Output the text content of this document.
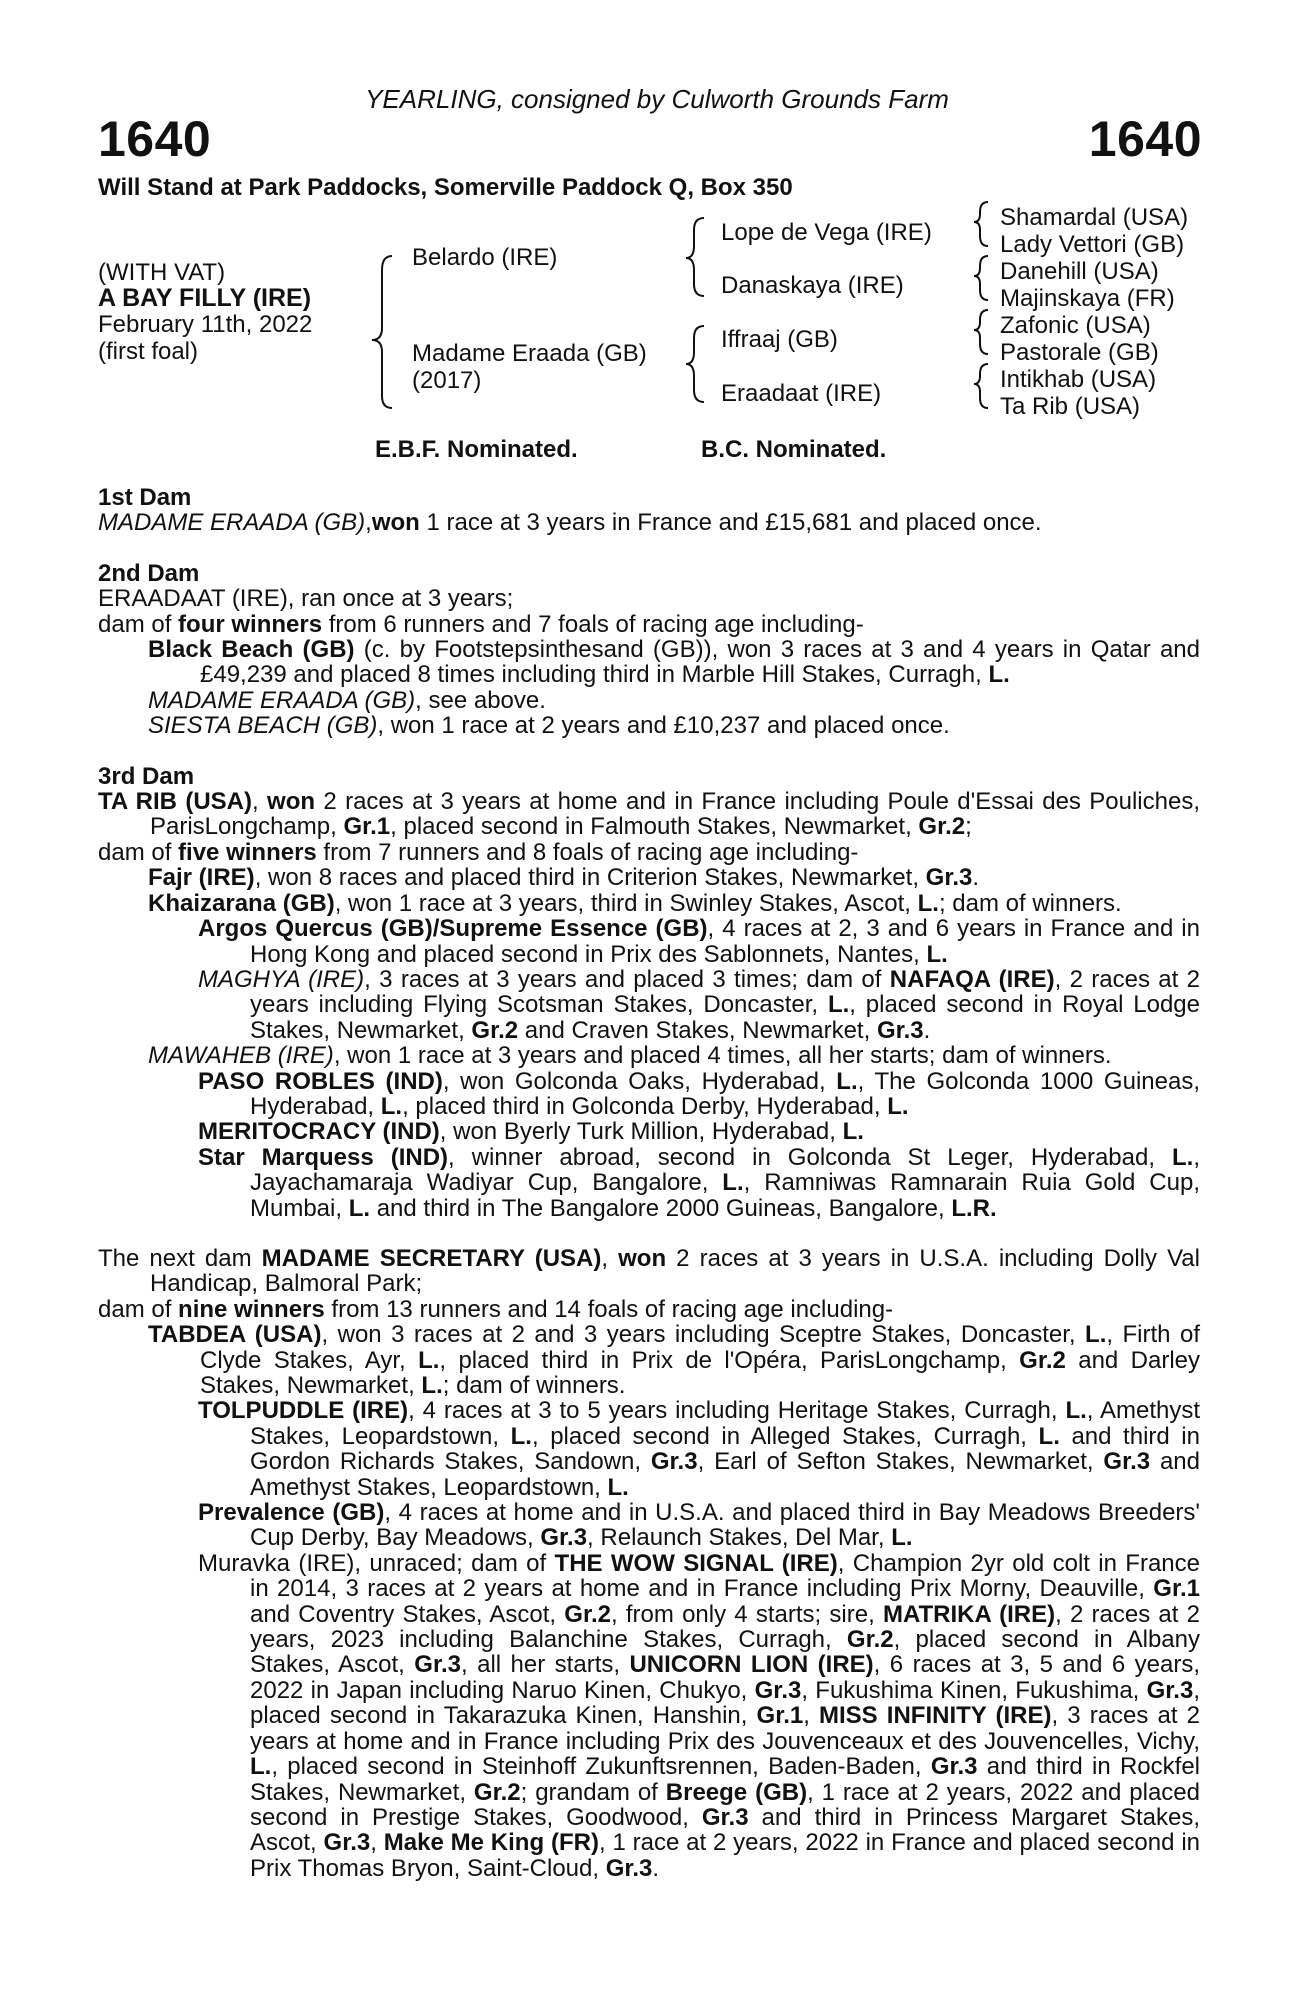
YEARLING, consigned by Culworth Grounds Farm
1640	1640
Will Stand at Park Paddocks, Somerville Paddock Q, Box 350
(WITH VAT)
A BAY FILLY (IRE)
February 11th, 2022
(first foal)
Belardo (IRE)
Madame Eraada (GB)
(2017)
Lope de Vega (IRE)
Danaskaya (IRE)
Iffraaj (GB)
Eraadaat (IRE)
Shamardal (USA)
Lady Vettori (GB)
Danehill (USA)
Majinskaya (FR)
Zafonic (USA)
Pastorale (GB)
Intikhab (USA)
Ta Rib (USA)
E.B.F. Nominated.	B.C. Nominated.
1st Dam
MADAME ERAADA (GB),won 1 race at 3 years in France and £15,681 and placed once.
2nd Dam
ERAADAAT (IRE), ran once at 3 years;
dam of four winners from 6 runners and 7 foals of racing age including-
Black Beach (GB) (c. by Footstepsinthesand (GB)), won 3 races at 3 and 4 years in Qatar and £49,239 and placed 8 times including third in Marble Hill Stakes, Curragh, L.
MADAME ERAADA (GB), see above.
SIESTA BEACH (GB), won 1 race at 2 years and £10,237 and placed once.
3rd Dam
TA RIB (USA), won 2 races at 3 years at home and in France including Poule d'Essai des Pouliches, ParisLongchamp, Gr.1, placed second in Falmouth Stakes, Newmarket, Gr.2;
dam of five winners from 7 runners and 8 foals of racing age including-
Fajr (IRE), won 8 races and placed third in Criterion Stakes, Newmarket, Gr.3.
Khaizarana (GB), won 1 race at 3 years, third in Swinley Stakes, Ascot, L.; dam of winners.
Argos Quercus (GB)/Supreme Essence (GB), 4 races at 2, 3 and 6 years in France and in Hong Kong and placed second in Prix des Sablonnets, Nantes, L.
MAGHYA (IRE), 3 races at 3 years and placed 3 times; dam of NAFAQA (IRE), 2 races at 2 years including Flying Scotsman Stakes, Doncaster, L., placed second in Royal Lodge Stakes, Newmarket, Gr.2 and Craven Stakes, Newmarket, Gr.3.
MAWAHEB (IRE), won 1 race at 3 years and placed 4 times, all her starts; dam of winners.
PASO ROBLES (IND), won Golconda Oaks, Hyderabad, L., The Golconda 1000 Guineas, Hyderabad, L., placed third in Golconda Derby, Hyderabad, L.
MERITOCRACY (IND), won Byerly Turk Million, Hyderabad, L.
Star Marquess (IND), winner abroad, second in Golconda St Leger, Hyderabad, L., Jayachamaraja Wadiyar Cup, Bangalore, L., Ramniwas Ramnarain Ruia Gold Cup, Mumbai, L. and third in The Bangalore 2000 Guineas, Bangalore, L.R.
The next dam MADAME SECRETARY (USA), won 2 races at 3 years in U.S.A. including Dolly Val Handicap, Balmoral Park;
dam of nine winners from 13 runners and 14 foals of racing age including-
TABDEA (USA), won 3 races at 2 and 3 years including Sceptre Stakes, Doncaster, L., Firth of Clyde Stakes, Ayr, L., placed third in Prix de l'Opéra, ParisLongchamp, Gr.2 and Darley Stakes, Newmarket, L.; dam of winners.
TOLPUDDLE (IRE), 4 races at 3 to 5 years including Heritage Stakes, Curragh, L., Amethyst Stakes, Leopardstown, L., placed second in Alleged Stakes, Curragh, L. and third in Gordon Richards Stakes, Sandown, Gr.3, Earl of Sefton Stakes, Newmarket, Gr.3 and Amethyst Stakes, Leopardstown, L.
Prevalence (GB), 4 races at home and in U.S.A. and placed third in Bay Meadows Breeders' Cup Derby, Bay Meadows, Gr.3, Relaunch Stakes, Del Mar, L.
Muravka (IRE), unraced; dam of THE WOW SIGNAL (IRE), Champion 2yr old colt in France in 2014, 3 races at 2 years at home and in France including Prix Morny, Deauville, Gr.1 and Coventry Stakes, Ascot, Gr.2, from only 4 starts; sire, MATRIKA (IRE), 2 races at 2 years, 2023 including Balanchine Stakes, Curragh, Gr.2, placed second in Albany Stakes, Ascot, Gr.3, all her starts, UNICORN LION (IRE), 6 races at 3, 5 and 6 years, 2022 in Japan including Naruo Kinen, Chukyo, Gr.3, Fukushima Kinen, Fukushima, Gr.3, placed second in Takarazuka Kinen, Hanshin, Gr.1, MISS INFINITY (IRE), 3 races at 2 years at home and in France including Prix des Jouvenceaux et des Jouvencelles, Vichy, L., placed second in Steinhoff Zukunftsrennen, Baden-Baden, Gr.3 and third in Rockfel Stakes, Newmarket, Gr.2; grandam of Breege (GB), 1 race at 2 years, 2022 and placed second in Prestige Stakes, Goodwood, Gr.3 and third in Princess Margaret Stakes, Ascot, Gr.3, Make Me King (FR), 1 race at 2 years, 2022 in France and placed second in Prix Thomas Bryon, Saint-Cloud, Gr.3.
